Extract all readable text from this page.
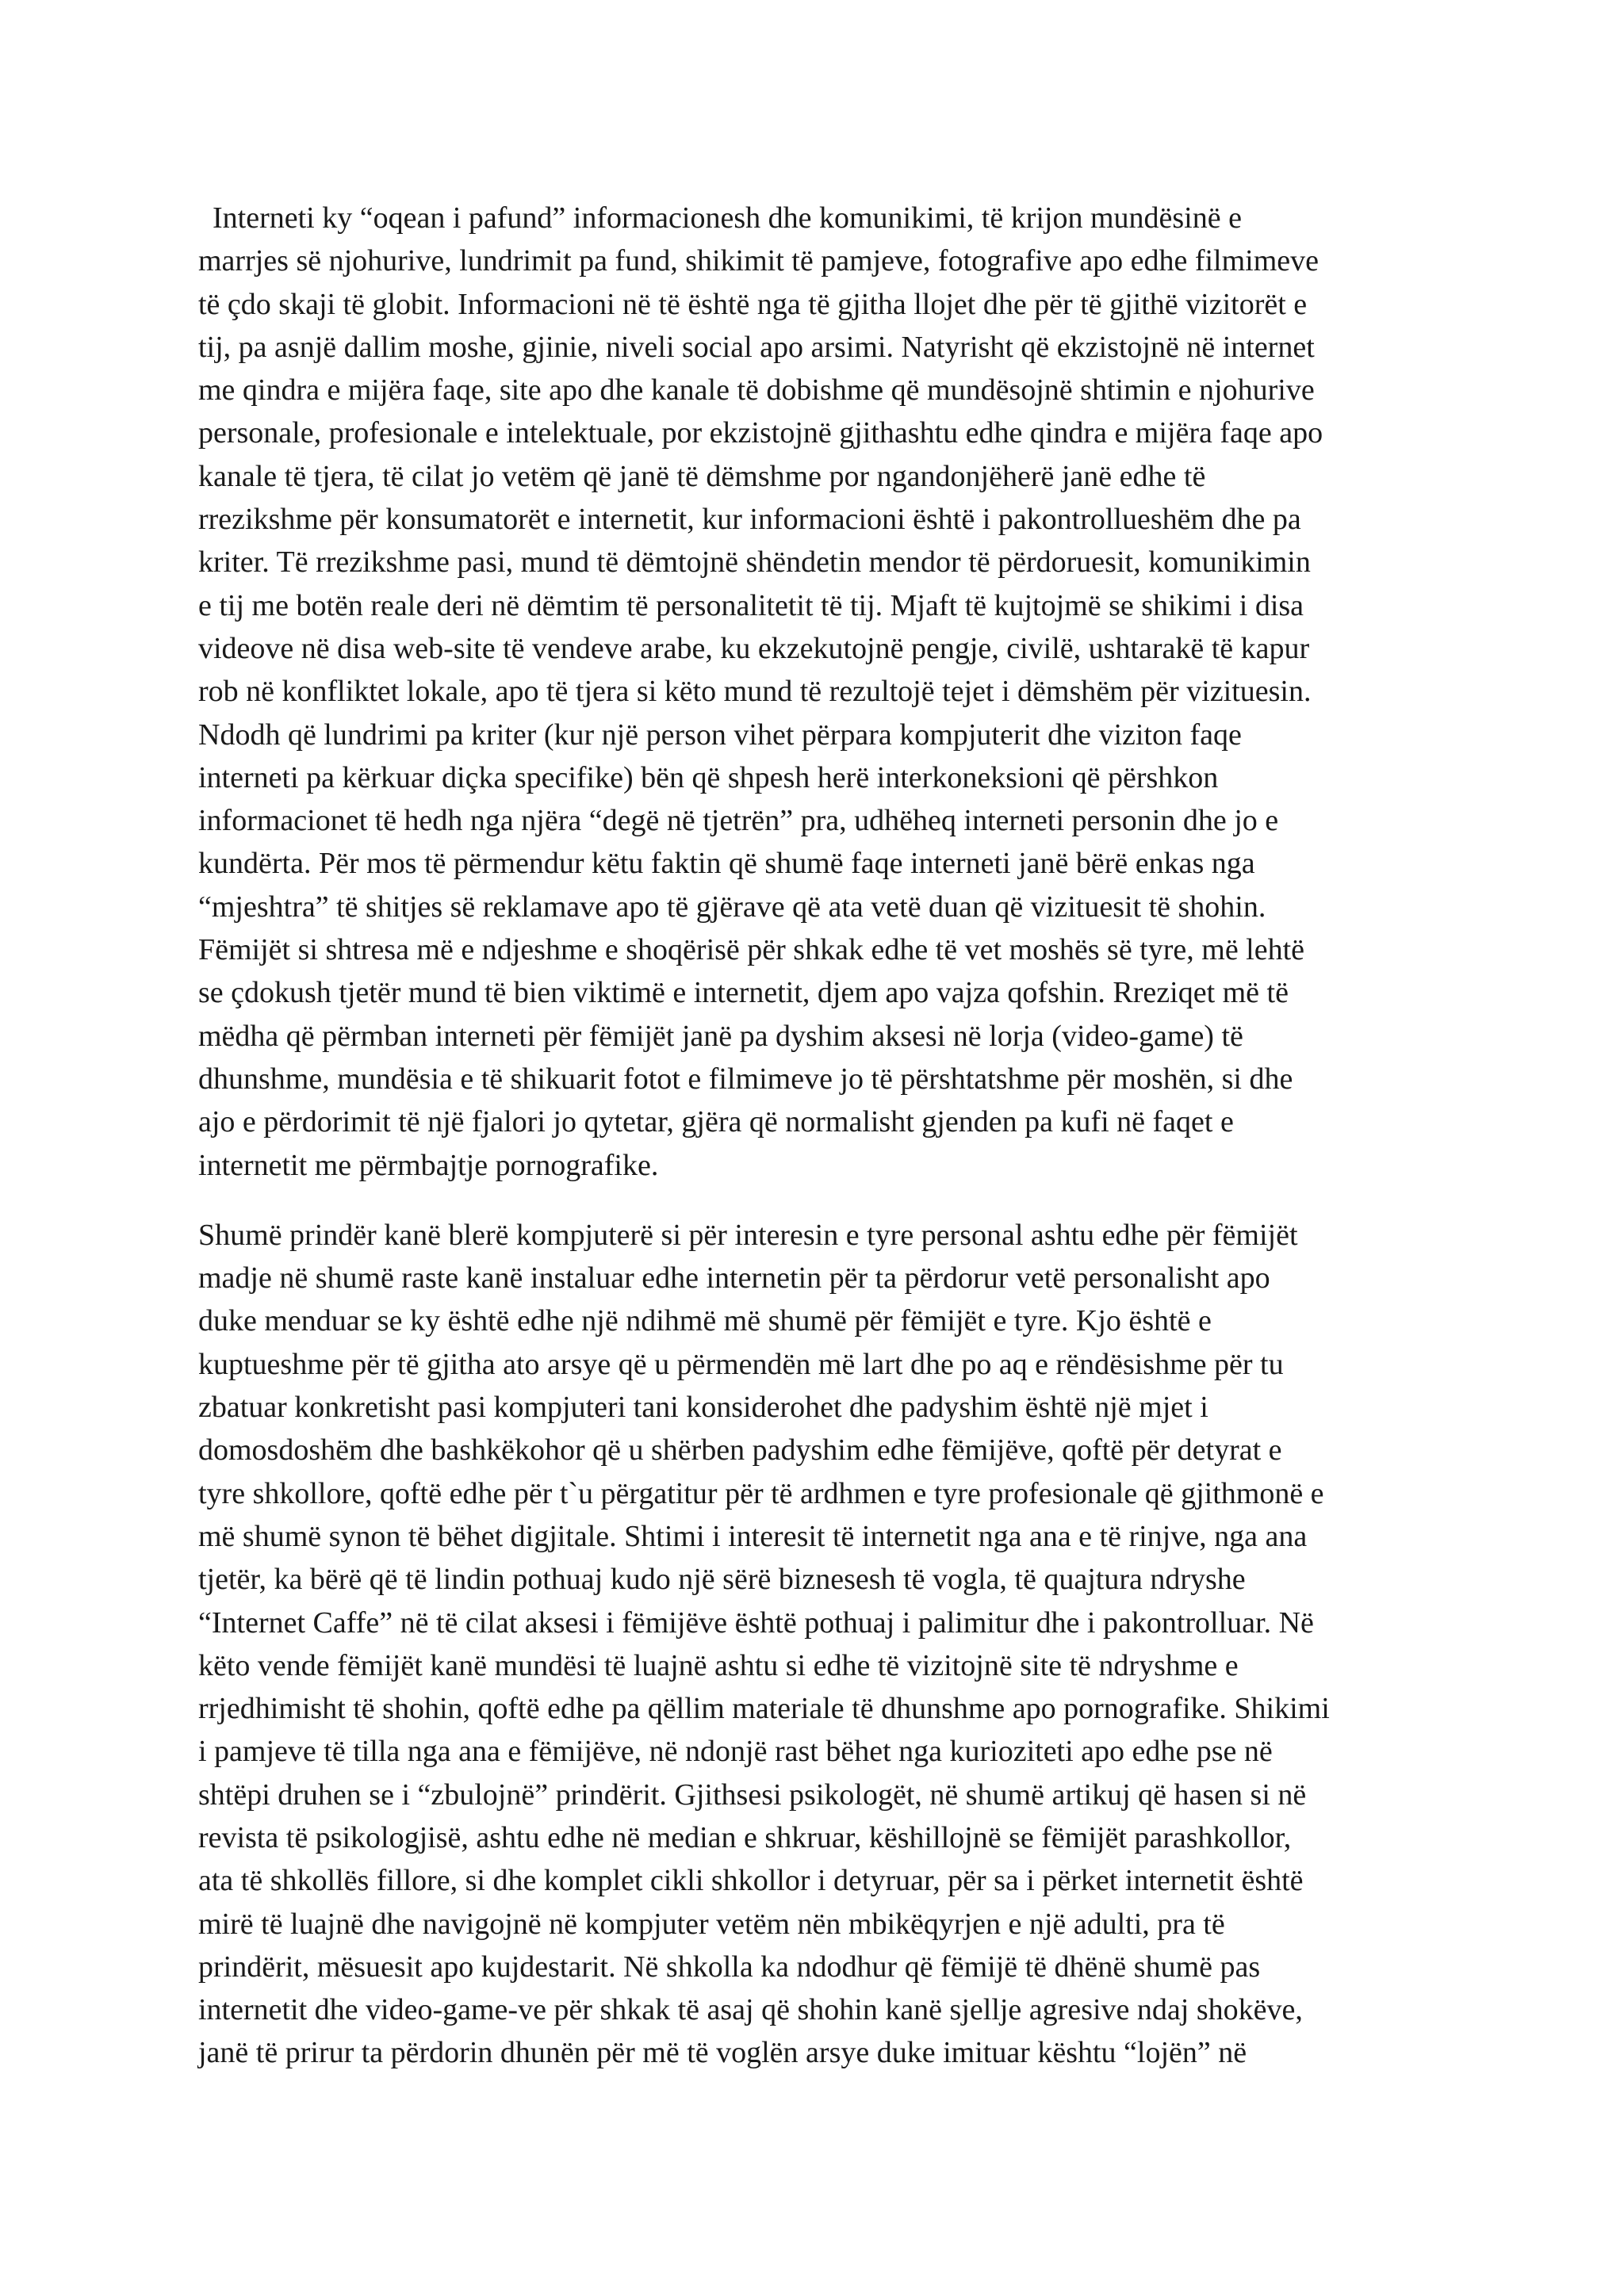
Interneti ky “oqean i pafund” informacionesh dhe komunikimi, të krijon mundësinë e
marrjes së njohurive, lundrimit pa fund, shikimit të pamjeve, fotografive apo edhe filmimeve
të çdo skaji të globit. Informacioni në të është nga të gjitha llojet dhe për të gjithë vizitorët e
tij, pa asnjë dallim moshe, gjinie, niveli social apo arsimi. Natyrisht që ekzistojnë në internet
me qindra e mijëra faqe, site apo dhe kanale të dobishme që mundësojnë shtimin e njohurive
personale, profesionale e intelektuale, por ekzistojnë gjithashtu edhe qindra e mijëra faqe apo
kanale të tjera, të cilat jo vetëm që janë të dëmshme por ngandonjëherë janë edhe të
rrezikshme për konsumatorët e internetit, kur informacioni është i pakontrollueshëm dhe pa
kriter. Të rrezikshme pasi, mund të dëmtojnë shëndetin mendor të përdoruesit, komunikimin
e tij me botën reale deri në dëmtim të personalitetit të tij. Mjaft të kujtojmë se shikimi i disa
videove në disa web-site të vendeve arabe, ku ekzekutojnë pengje, civilë, ushtarakë të kapur
rob në konfliktet lokale, apo të tjera si këto mund të rezultojë tejet i dëmshëm për vizituesin.
Ndodh që lundrimi pa kriter (kur një person vihet përpara kompjuterit dhe viziton faqe
interneti pa kërkuar diçka specifike) bën që shpesh herë interkoneksioni që përshkon
informacionet të hedh nga njëra “degë në tjetrën” pra, udhëheq interneti personin dhe jo e
kundërta. Për mos të përmendur këtu faktin që shumë faqe interneti janë bërë enkas nga
“mjeshtra” të shitjes së reklamave apo të gjërave që ata vetë duan që vizituesit të shohin.
Fëmijët si shtresa më e ndjeshme e shoqërisë për shkak edhe të vet moshës së tyre, më lehtë
se çdokush tjetër mund të bien viktimë e internetit, djem apo vajza qofshin. Rreziqet më të
mëdha që përmban interneti për fëmijët janë pa dyshim aksesi në lorja (video-game) të
dhunshme, mundësia e të shikuarit fotot e filmimeve jo të përshtatshme për moshën, si dhe
ajo e përdorimit të një fjalori jo qytetar, gjëra që normalisht gjenden pa kufi në faqet e
internetit me përmbajtje pornografike.

Shumë prindër kanë blerë kompjuterë si për interesin e tyre personal ashtu edhe për fëmijët
madje në shumë raste kanë instaluar edhe internetin për ta përdorur vetë personalisht apo
duke menduar se ky është edhe një ndihmë më shumë për fëmijët e tyre. Kjo është e
kuptueshme për të gjitha ato arsye që u përmendën më lart dhe po aq e rëndësishme për tu
zbatuar konkretisht pasi kompjuteri tani konsiderohet dhe padyshim është një mjet i
domosdoshëm dhe bashkëkohor që u shërben padyshim edhe fëmijëve, qoftë për detyrat e
tyre shkollore, qoftë edhe për t`u përgatitur për të ardhmen e tyre profesionale që gjithmonë e
më shumë synon të bëhet digjitale. Shtimi i interesit të internetit nga ana e të rinjve, nga ana
tjetër, ka bërë që të lindin pothuaj kudo një sërë biznesesh të vogla, të quajtura ndryshe
“Internet Caffe” në të cilat aksesi i fëmijëve është pothuaj i palimitur dhe i pakontrolluar. Në
këto vende fëmijët kanë mundësi të luajnë ashtu si edhe të vizitojnë site të ndryshme e
rrjedhimisht të shohin, qoftë edhe pa qëllim materiale të dhunshme apo pornografike. Shikimi
i pamjeve të tilla nga ana e fëmijëve, në ndonjë rast bëhet nga kurioziteti apo edhe pse në
shtëpi druhen se i “zbulojnë” prindërit. Gjithsesi psikologët, në shumë artikuj që hasen si në
revista të psikologjisë, ashtu edhe në median e shkruar, këshillojnë se fëmijët parashkollor,
ata të shkollës fillore, si dhe komplet cikli shkollor i detyruar, për sa i përket internetit është
mirë të luajnë dhe navigojnë në kompjuter vetëm nën mbikëqyrjen e një adulti, pra të
prindërit, mësuesit apo kujdestarit. Në shkolla ka ndodhur që fëmijë të dhënë shumë pas
internetit dhe video-game-ve për shkak të asaj që shohin kanë sjellje agresive ndaj shokëve,
janë të prirur ta përdorin dhunën për më të voglën arsye duke imituar kështu “lojën” në
